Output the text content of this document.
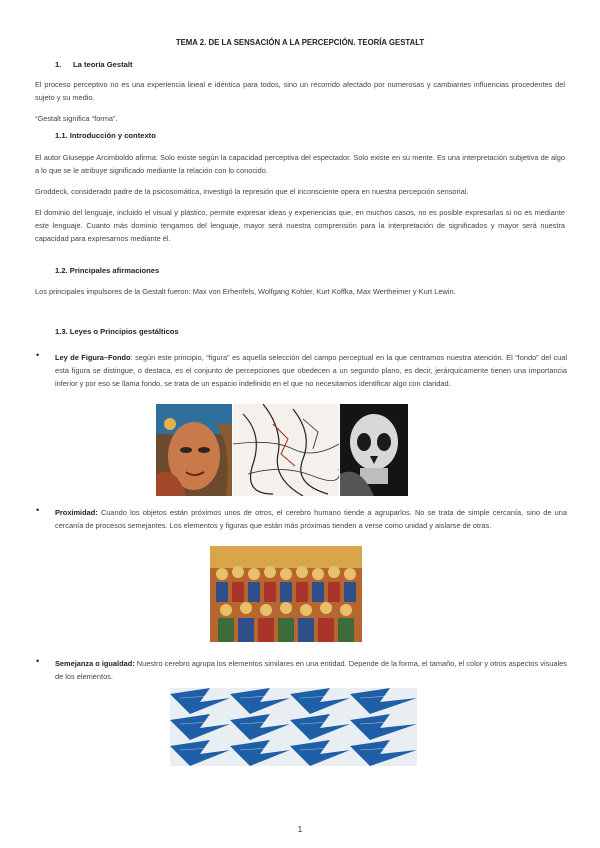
TEMA 2. DE LA SENSACIÓN A LA PERCEPCIÓN. TEORÍA GESTALT
1. La teoría Gestalt
El proceso perceptivo no es una experiencia lineal e idéntica para todos, sino un recorrido afectado por numerosas y cambiantes influencias procedentes del sujeto y su medio.
“Gestalt significa “forma”.
1.1. Introducción y contexto
El autor Giuseppe Arcimboldo afirma: Solo existe según la capacidad perceptiva del espectador. Solo existe en su mente. Es una interpretación subjetiva de algo a lo que se le atribuye significado mediante la relación con lo conocido.
Groddeck, considerado padre de la psicosomática, investigó la represión que el inconsciente opera en nuestra percepción sensorial.
El dominio del lenguaje, incluido el visual y plástico, permite expresar ideas y experiencias que, en muchos casos, no es posible expresarlas si no es mediante este lenguaje. Cuanto más dominio tengamos del lenguaje, mayor será nuestra comprensión para la interpretación de significados y mayor será nuestra capacidad para expresarnos mediante él.
1.2. Principales afirmaciones
Los principales impulsores de la Gestalt fueron: Max von Erhenfels, Wolfgang Kohler, Kurt Koffka, Max Wertheimer y Kurt Lewin.
1.3. Leyes o Principios gestálticos
• Ley de Figura–Fondo: según este principio, “figura” es aquella selección del campo perceptual en la que centramos nuestra atención. El “fondo” del cual esta figura se distingue, o destaca, es el conjunto de percepciones que obedecen a un segundo plano, es decir, jerárquicamente tienen una importancia inferior y por eso se llama fondo, se trata de un espacio indefinido en el que no necesitamos identificar algo con claridad.
• Proximidad: Cuando los objetos están próximos unos de otros, el cerebro humano tiende a agruparlos. No se trata de simple cercanía, sino de una cercanía de procesos semejantes. Los elementos y figuras que están más próximas tienden a verse como unidad y aislarse de otras.
• Semejanza o igualdad: Nuestro cerebro agrupa los elementos similares en una entidad. Depende de la forma, el tamaño, el color y otros aspectos visuales de los elementos.
1
